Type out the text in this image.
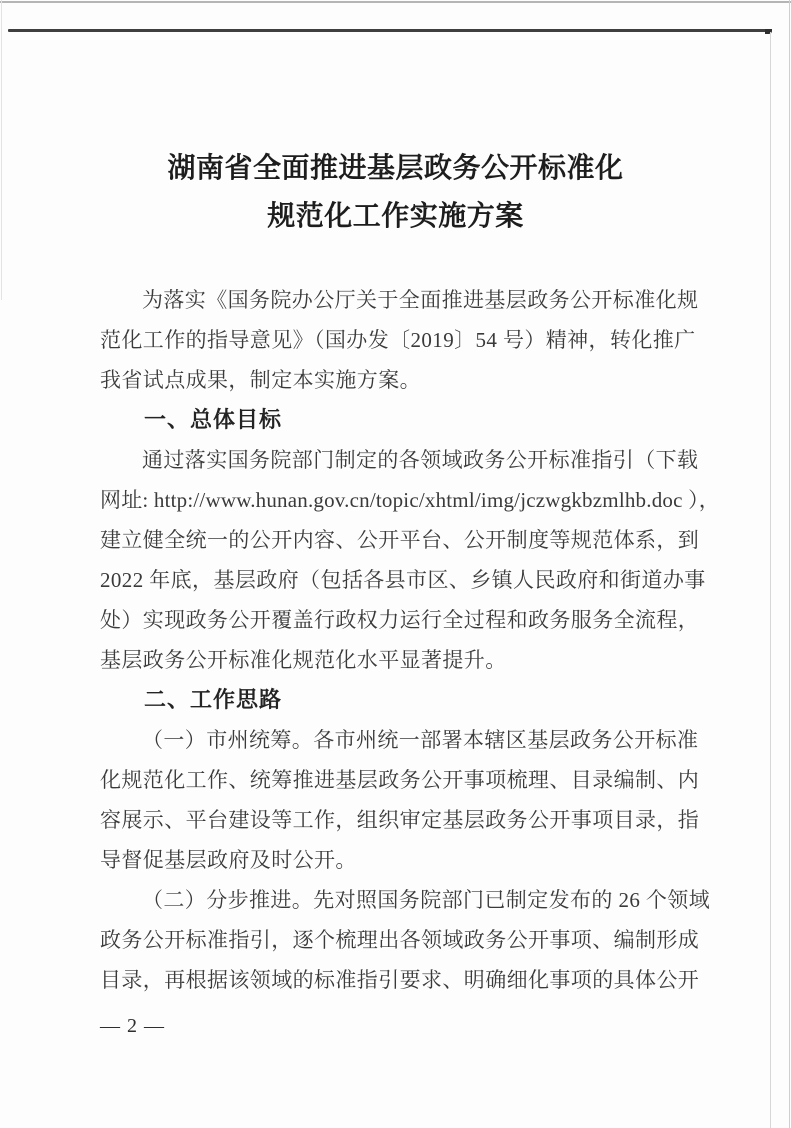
湖南省全面推进基层政务公开标准化
规范化工作实施方案
为落实《国务院办公厅关于全面推进基层政务公开标准化规
范化工作的指导意见》（国办发〔2019〕54 号）精神，转化推广
我省试点成果，制定本实施方案。
一、总体目标
通过落实国务院部门制定的各领域政务公开标准指引（下载
网址: http://www.hunan.gov.cn/topic/xhtml/img/jczwgkbzmlhb.doc ），
建立健全统一的公开内容、公开平台、公开制度等规范体系，到
2022 年底，基层政府（包括各县市区、乡镇人民政府和街道办事
处）实现政务公开覆盖行政权力运行全过程和政务服务全流程，
基层政务公开标准化规范化水平显著提升。
二、工作思路
（一）市州统筹。各市州统一部署本辖区基层政务公开标准
化规范化工作、统筹推进基层政务公开事项梳理、目录编制、内
容展示、平台建设等工作，组织审定基层政务公开事项目录，指
导督促基层政府及时公开。
（二）分步推进。先对照国务院部门已制定发布的 26 个领域
政务公开标准指引，逐个梳理出各领域政务公开事项、编制形成
目录，再根据该领域的标准指引要求、明确细化事项的具体公开
— 2 —
